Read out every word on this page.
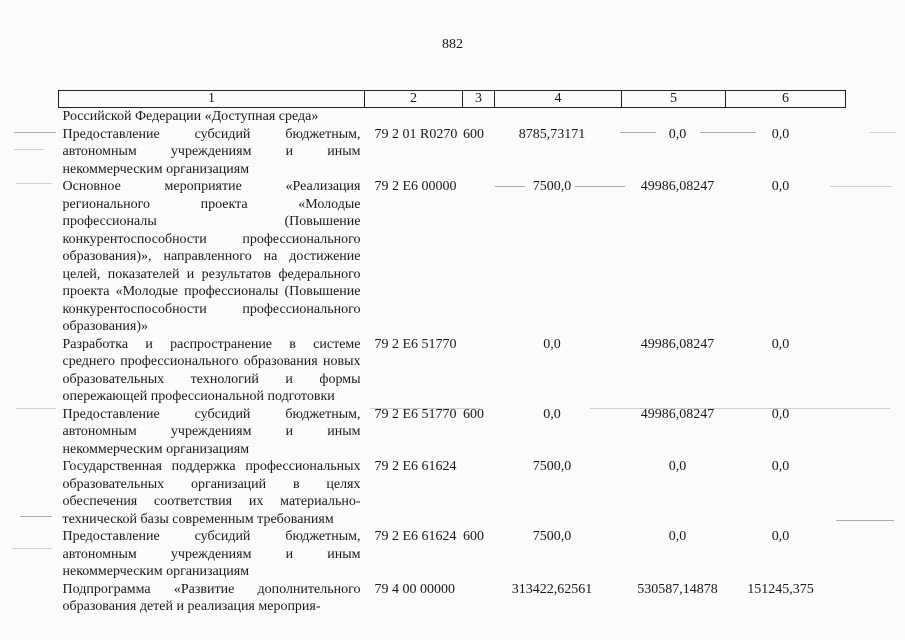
882
1	2	3	4	5	6
Российской Федерации «Доступная среда»					
Предоставление субсидий бюджетным, автономным учреждениям и иным некоммерческим организациям	79 2 01 R0270	600	8785,73171	0,0	0,0
Основное мероприятие «Реализация регионального проекта «Молодые профессионалы (Повышение конкурентоспособности профессионального образования)», направленного на достижение целей, показателей и результатов федерального проекта «Молодые профессионалы (Повышение конкурентоспособности профессионального образования)»	79 2 E6 00000		7500,0	49986,08247	0,0
Разработка и распространение в системе среднего профессионального образования новых образовательных технологий и формы опережающей профессиональной подготовки	79 2 E6 51770		0,0	49986,08247	0,0
Предоставление субсидий бюджетным, автономным учреждениям и иным некоммерческим организациям	79 2 E6 51770	600	0,0	49986,08247	0,0
Государственная поддержка профессиональных образовательных организаций в целях обеспечения соответствия их материально-технической базы современным требованиям	79 2 E6 61624		7500,0	0,0	0,0
Предоставление субсидий бюджетным, автономным учреждениям и иным некоммерческим организациям	79 2 E6 61624	600	7500,0	0,0	0,0
Подпрограмма «Развитие дополнительного образования детей и реализация мероприя-	79 4 00 00000		313422,62561	530587,14878	151245,375
